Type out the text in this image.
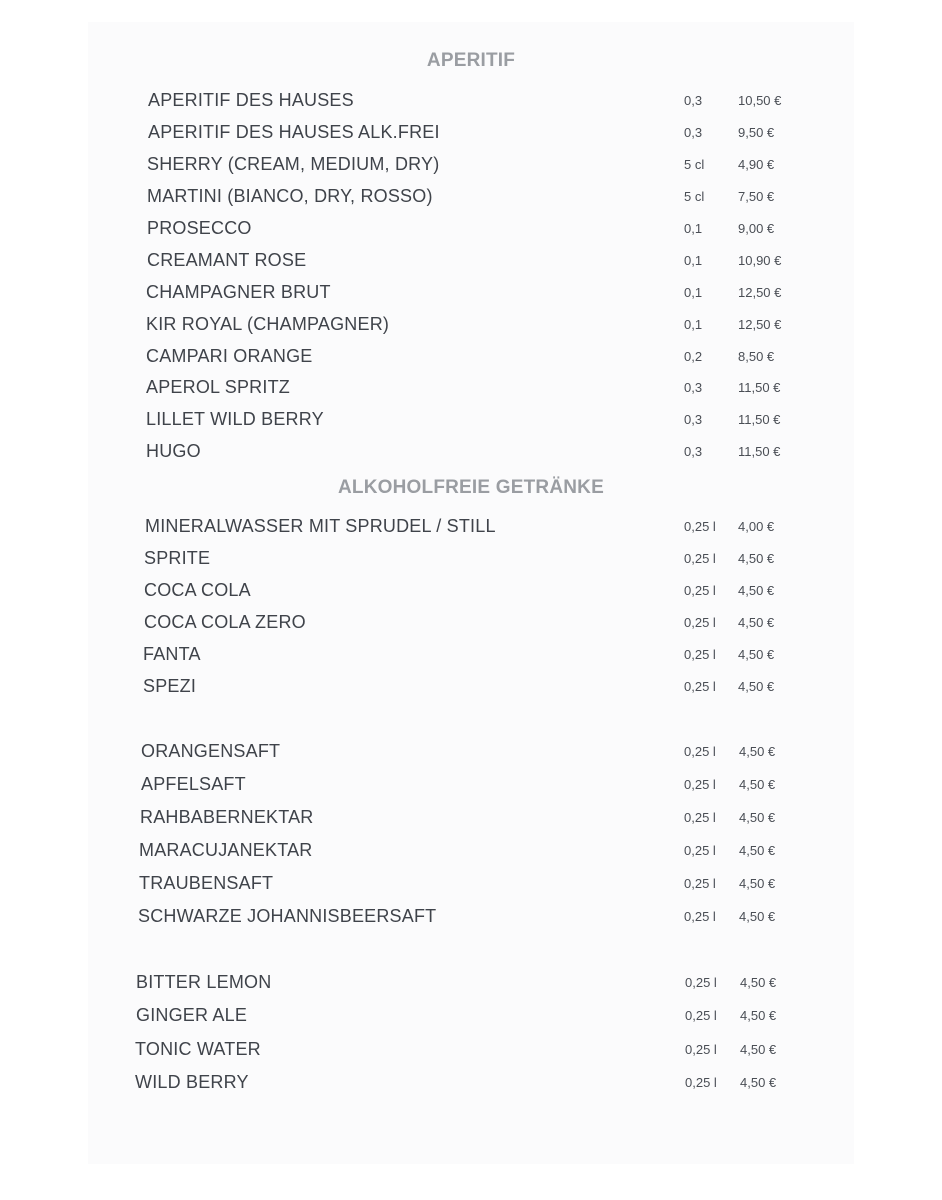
APERITIF
APERITIF DES HAUSES	0,3	10,50 €
APERITIF DES HAUSES ALK.FREI	0,3	9,50 €
SHERRY (CREAM, MEDIUM, DRY)	5 cl	4,90 €
MARTINI (BIANCO, DRY, ROSSO)	5 cl	7,50 €
PROSECCO	0,1	9,00 €
CREAMANT ROSE	0,1	10,90 €
CHAMPAGNER BRUT	0,1	12,50 €
KIR ROYAL (CHAMPAGNER)	0,1	12,50 €
CAMPARI ORANGE	0,2	8,50 €
APEROL SPRITZ	0,3	11,50 €
LILLET WILD BERRY	0,3	11,50 €
HUGO	0,3	11,50 €
ALKOHOLFREIE GETRÄNKE
MINERALWASSER MIT SPRUDEL / STILL	0,25 l 4,00 €
SPRITE	0,25 l 4,50 €
COCA COLA	0,25 l 4,50 €
COCA COLA ZERO	0,25 l 4,50 €
FANTA	0,25 l 4,50 €
SPEZI	0,25 l 4,50 €
ORANGENSAFT	0,25 l 4,50 €
APFELSAFT	0,25 l 4,50 €
RAHBABERNEKTAR	0,25 l 4,50 €
MARACUJANEKTAR	0,25 l 4,50 €
TRAUBENSAFT	0,25 l 4,50 €
SCHWARZE JOHANNISBEERSAFT	0,25 l 4,50 €
BITTER LEMON	0,25 l 4,50 €
GINGER ALE	0,25 l 4,50 €
TONIC WATER	0,25 l 4,50 €
WILD BERRY	0,25 l 4,50 €
